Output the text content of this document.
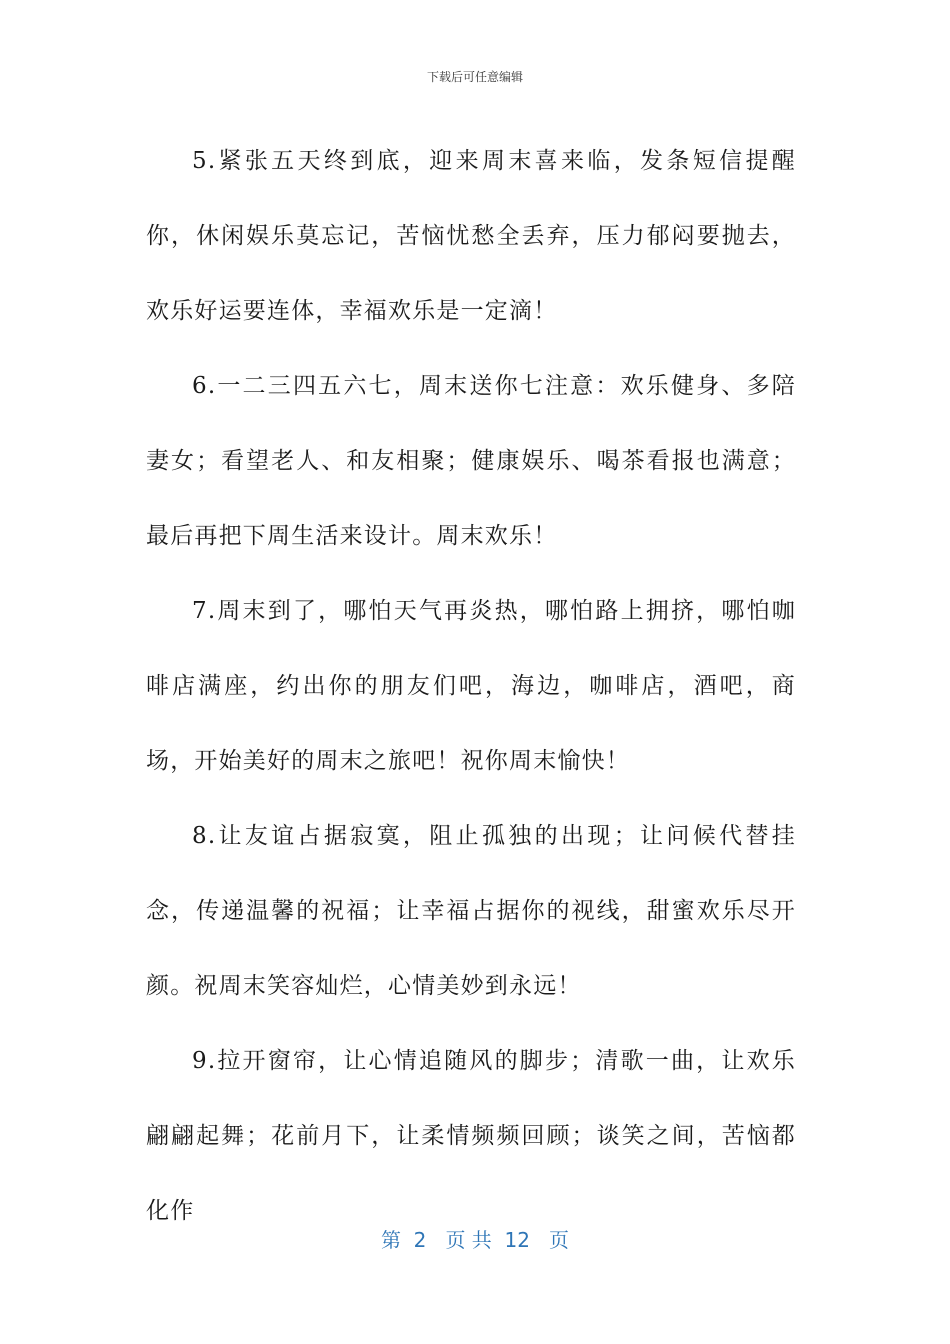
下载后可任意编辑

5.紧张五天终到底，迎来周末喜来临，发条短信提醒你，休闲娱乐莫忘记，苦恼忧愁全丢弃，压力郁闷要抛去，欢乐好运要连体，幸福欢乐是一定滴！

6.一二三四五六七，周末送你七注意：欢乐健身、多陪妻女；看望老人、和友相聚；健康娱乐、喝茶看报也满意；最后再把下周生活来设计。周末欢乐！

7.周末到了，哪怕天气再炎热，哪怕路上拥挤，哪怕咖啡店满座，约出你的朋友们吧，海边，咖啡店，酒吧，商场，开始美好的周末之旅吧！祝你周末愉快！

8.让友谊占据寂寞，阻止孤独的出现；让问候代替挂念，传递温馨的祝福；让幸福占据你的视线，甜蜜欢乐尽开颜。祝周末笑容灿烂，心情美妙到永远！

9.拉开窗帘，让心情追随风的脚步；清歌一曲，让欢乐翩翩起舞；花前月下，让柔情频频回顾；谈笑之间，苦恼都化作

第  2   页 共  12   页
